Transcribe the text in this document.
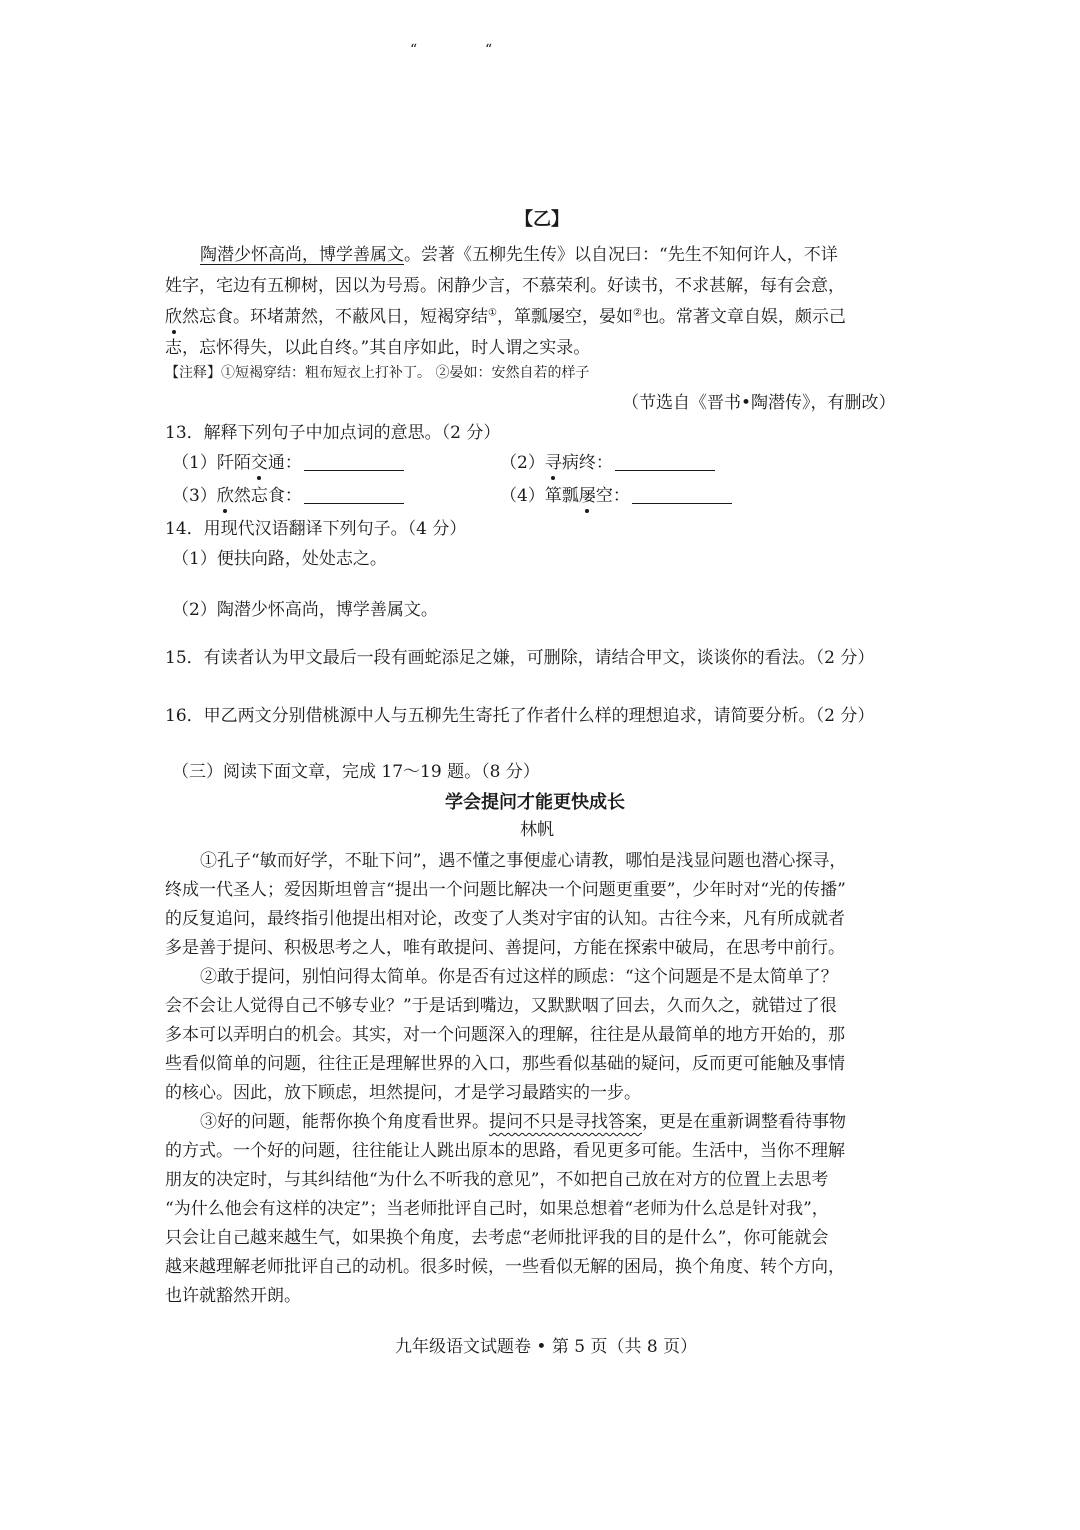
“	“
【乙】
陶潜少怀高尚，博学善属文。尝著《五柳先生传》以自况曰：“先生不知何许人，不详
姓字，宅边有五柳树，因以为号焉。闲静少言，不慕荣利。好读书，不求甚解，每有会意，
欣然忘食。环堵萧然，不蔽风日，短褐穿结①，箪瓢屡空，晏如②也。常著文章自娱，颇示己
志，忘怀得失，以此自终。”其自序如此，时人谓之实录。
【注释】①短褐穿结：粗布短衣上打补丁。 ②晏如：安然自若的样子
（节选自《晋书•陶潜传》，有删改）
13．解释下列句子中加点词的意思。（2 分）
（1）阡陌交通：	（2）寻病终：
（3）欣然忘食：	（4）箪瓢屡空：
14．用现代汉语翻译下列句子。（4 分）
（1）便扶向路，处处志之。
（2）陶潜少怀高尚，博学善属文。
15．有读者认为甲文最后一段有画蛇添足之嫌，可删除，请结合甲文，谈谈你的看法。（2 分）
16．甲乙两文分别借桃源中人与五柳先生寄托了作者什么样的理想追求，请简要分析。（2 分）
（三）阅读下面文章，完成 17～19 题。（8 分）
学会提问才能更快成长
林帆
①孔子“敏而好学，不耻下问”，遇不懂之事便虚心请教，哪怕是浅显问题也潜心探寻，
终成一代圣人；爱因斯坦曾言“提出一个问题比解决一个问题更重要”，少年时对“光的传播”
的反复追问，最终指引他提出相对论，改变了人类对宇宙的认知。古往今来，凡有所成就者
多是善于提问、积极思考之人，唯有敢提问、善提问，方能在探索中破局，在思考中前行。
②敢于提问，别怕问得太简单。你是否有过这样的顾虑：“这个问题是不是太简单了？
会不会让人觉得自己不够专业？”于是话到嘴边，又默默咽了回去，久而久之，就错过了很
多本可以弄明白的机会。其实，对一个问题深入的理解，往往是从最简单的地方开始的，那
些看似简单的问题，往往正是理解世界的入口，那些看似基础的疑问，反而更可能触及事情
的核心。因此，放下顾虑，坦然提问，才是学习最踏实的一步。
③好的问题，能帮你换个角度看世界。提问不只是寻找答案，更是在重新调整看待事物
的方式。一个好的问题，往往能让人跳出原本的思路，看见更多可能。生活中，当你不理解
朋友的决定时，与其纠结他“为什么不听我的意见”，不如把自己放在对方的位置上去思考
“为什么他会有这样的决定”；当老师批评自己时，如果总想着“老师为什么总是针对我”，
只会让自己越来越生气，如果换个角度，去考虑“老师批评我的目的是什么”，你可能就会
越来越理解老师批评自己的动机。很多时候，一些看似无解的困局，换个角度、转个方向，
也许就豁然开朗。
九年级语文试题卷 • 第 5 页（共 8 页）
